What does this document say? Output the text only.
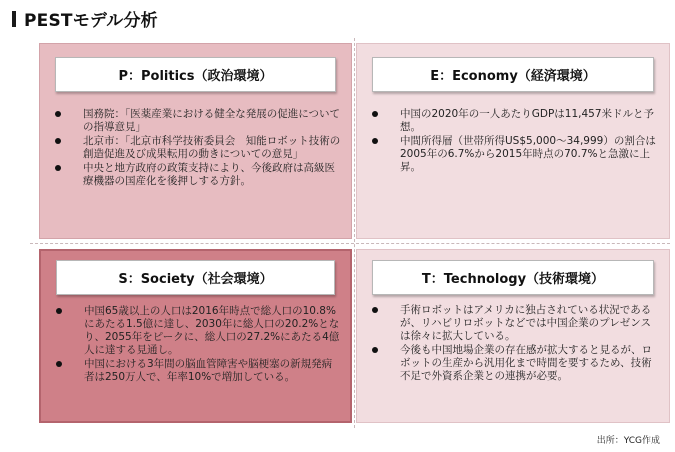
PESTモデル分析
P：Politics（政治環境）
国務院：「医薬産業における健全な発展の促進についての指導意見」
北京市：「北京市科学技術委員会　知能ロボット技術の創造促進及び成果転用の動きについての意見」
中央と地方政府の政策支持により、今後政府は高級医療機器の国産化を後押しする方針。
E：Economy（経済環境）
中国の2020年の一人あたりGDPは11,457米ドルと予想。
中間所得層（世帯所得US$5,000～34,999）の割合は2005年の6.7%から2015年時点の70.7%と急激に上昇。
S：Society（社会環境）
中国65歳以上の人口は2016年時点で総人口の10.8%にあたる1.5億に達し、2030年に総人口の20.2%となり、2055年をピークに、総人口の27.2%にあたる4億人に達する見通し。
中国における3年間の脳血管障害や脳梗塞の新規発病者は250万人で、年率10%で増加している。
T：Technology（技術環境）
手術ロボットはアメリカに独占されている状況であるが、リハビリロボットなどでは中国企業のプレゼンスは徐々に拡大している。
今後も中国地場企業の存在感が拡大すると見るが、ロボットの生産から汎用化まで時間を要するため、技術不足で外資系企業との連携が必要。
出所：YCG作成
